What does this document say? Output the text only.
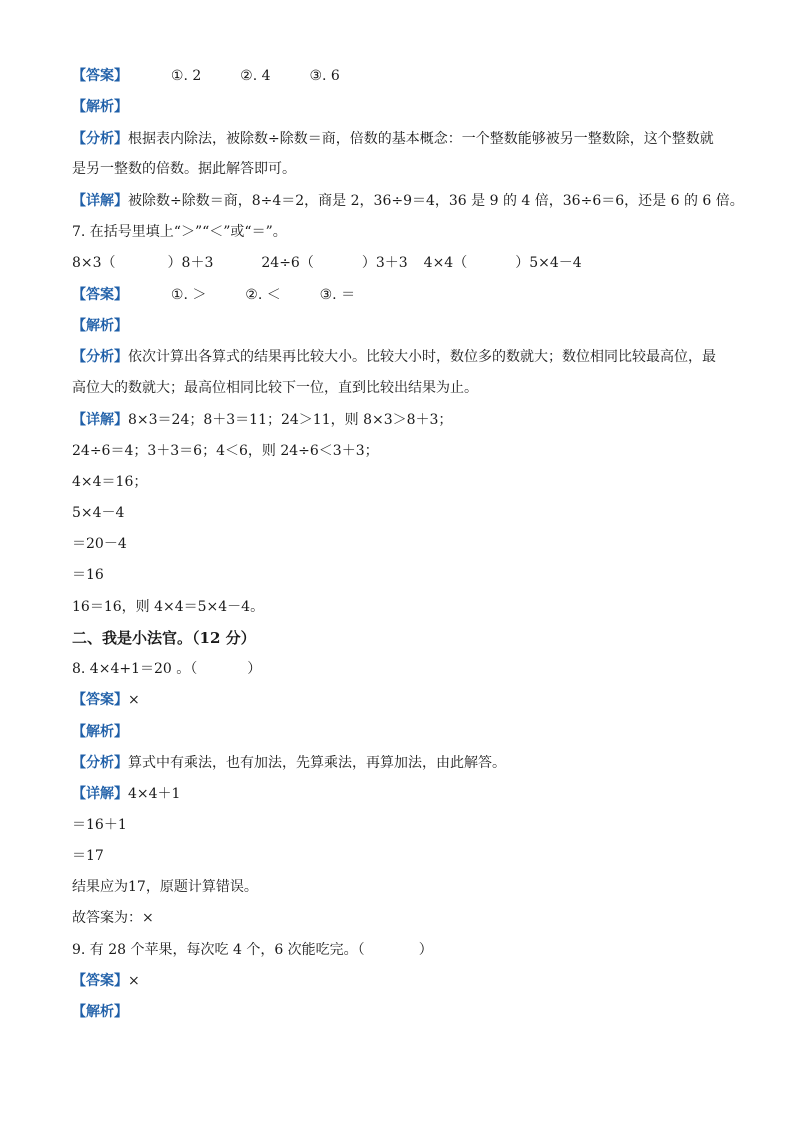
【答案】	①. 2	②. 4	③. 6
【解析】
【分析】根据表内除法，被除数÷除数＝商，倍数的基本概念：一个整数能够被另一整数除，这个整数就
是另一整数的倍数。据此解答即可。
【详解】被除数÷除数＝商，8÷4＝2，商是 2，36÷9＝4，36 是 9 的 4 倍，36÷6＝6，还是 6 的 6 倍。
7. 在括号里填上“＞”“＜”或“＝”。
8×3（	）8＋3	24÷6（	）3＋3 4×4（	）5×4－4
【答案】	①. ＞	②. ＜	③. ＝
【解析】
【分析】依次计算出各算式的结果再比较大小。比较大小时，数位多的数就大；数位相同比较最高位，最
高位大的数就大；最高位相同比较下一位，直到比较出结果为止。
【详解】8×3＝24；8＋3＝11；24＞11，则 8×3＞8＋3；
24÷6＝4；3＋3＝6；4＜6，则 24÷6＜3＋3；
4×4＝16；
5×4－4
＝20－4
＝16
16＝16，则 4×4＝5×4－4。
二、我是小法官。（12 分）
8. 4×4+1＝20 。（	）
【答案】×
【解析】
【分析】算式中有乘法，也有加法，先算乘法，再算加法，由此解答。
【详解】4×4＋1
＝16＋1
＝17
结果应为17，原题计算错误。
故答案为：×
9. 有 28 个苹果，每次吃 4 个，6 次能吃完。（	）
【答案】×
【解析】
